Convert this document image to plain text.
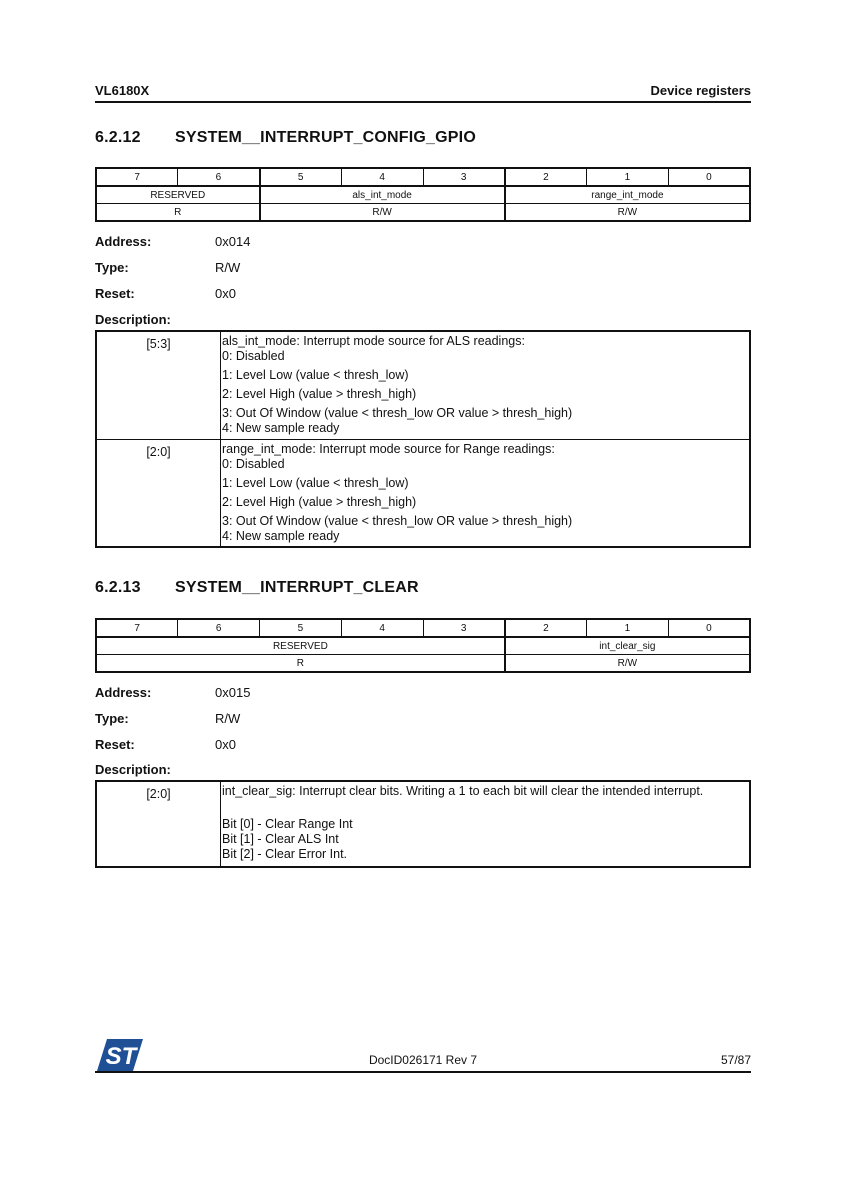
VL6180X	Device registers
6.2.12 SYSTEM__INTERRUPT_CONFIG_GPIO
7	6	5	4	3	2	1	0
RESERVED		als_int_mode			range_int_mode		
R		R/W			R/W		
Address:	0x014
Type:	R/W
Reset:	0x0
Description:
[5:3]	als_int_mode: Interrupt mode source for ALS readings:
0: Disabled
1: Level Low (value < thresh_low)
2: Level High (value > thresh_high)
3: Out Of Window (value < thresh_low OR value > thresh_high)
4: New sample ready

[2:0]	range_int_mode: Interrupt mode source for Range readings:
0: Disabled
1: Level Low (value < thresh_low)
2: Level High (value > thresh_high)
3: Out Of Window (value < thresh_low OR value > thresh_high)
4: New sample ready
6.2.13 SYSTEM__INTERRUPT_CLEAR
7	6	5	4	3	2	1	0
RESERVED					int_clear_sig		
R					R/W		
Address:	0x015
Type:	R/W
Reset:	0x0
Description:
[2:0]	int_clear_sig: Interrupt clear bits. Writing a 1 to each bit will clear the intended interrupt.
Bit [0] - Clear Range Int
Bit [1] - Clear ALS Int
Bit [2] - Clear Error Int.
ST	DocID026171 Rev 7	57/87
